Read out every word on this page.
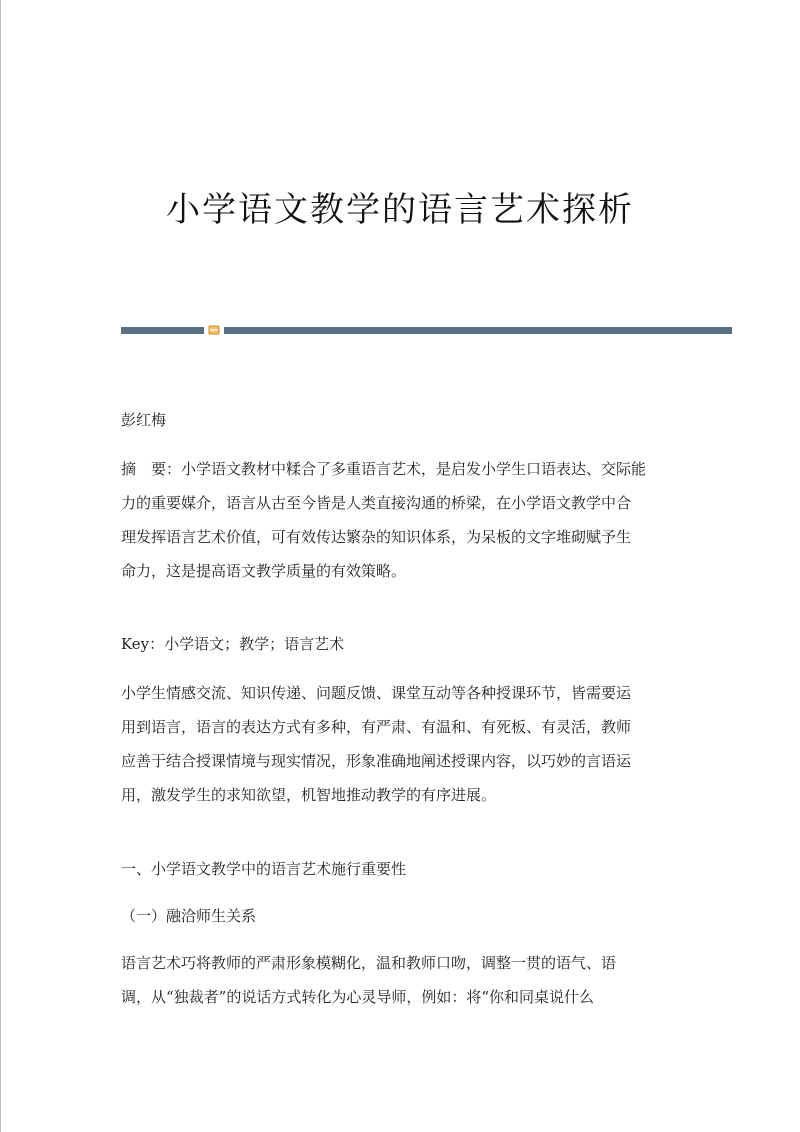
小学语文教学的语言艺术探析
彭红梅
摘　要：小学语文教材中糅合了多重语言艺术，是启发小学生口语表达、交际能
力的重要媒介，语言从古至今皆是人类直接沟通的桥梁，在小学语文教学中合
理发挥语言艺术价值，可有效传达繁杂的知识体系，为呆板的文字堆砌赋予生
命力，这是提高语文教学质量的有效策略。
Key：小学语文；教学；语言艺术
小学生情感交流、知识传递、问题反馈、课堂互动等各种授课环节，皆需要运
用到语言，语言的表达方式有多种，有严肃、有温和、有死板、有灵活，教师
应善于结合授课情境与现实情况，形象准确地阐述授课内容，以巧妙的言语运
用，激发学生的求知欲望，机智地推动教学的有序进展。
一、小学语文教学中的语言艺术施行重要性
（一）融洽师生关系
语言艺术巧将教师的严肃形象模糊化，温和教师口吻，调整一贯的语气、语
调，从“独裁者”的说话方式转化为心灵导师，例如：将“你和同桌说什么
